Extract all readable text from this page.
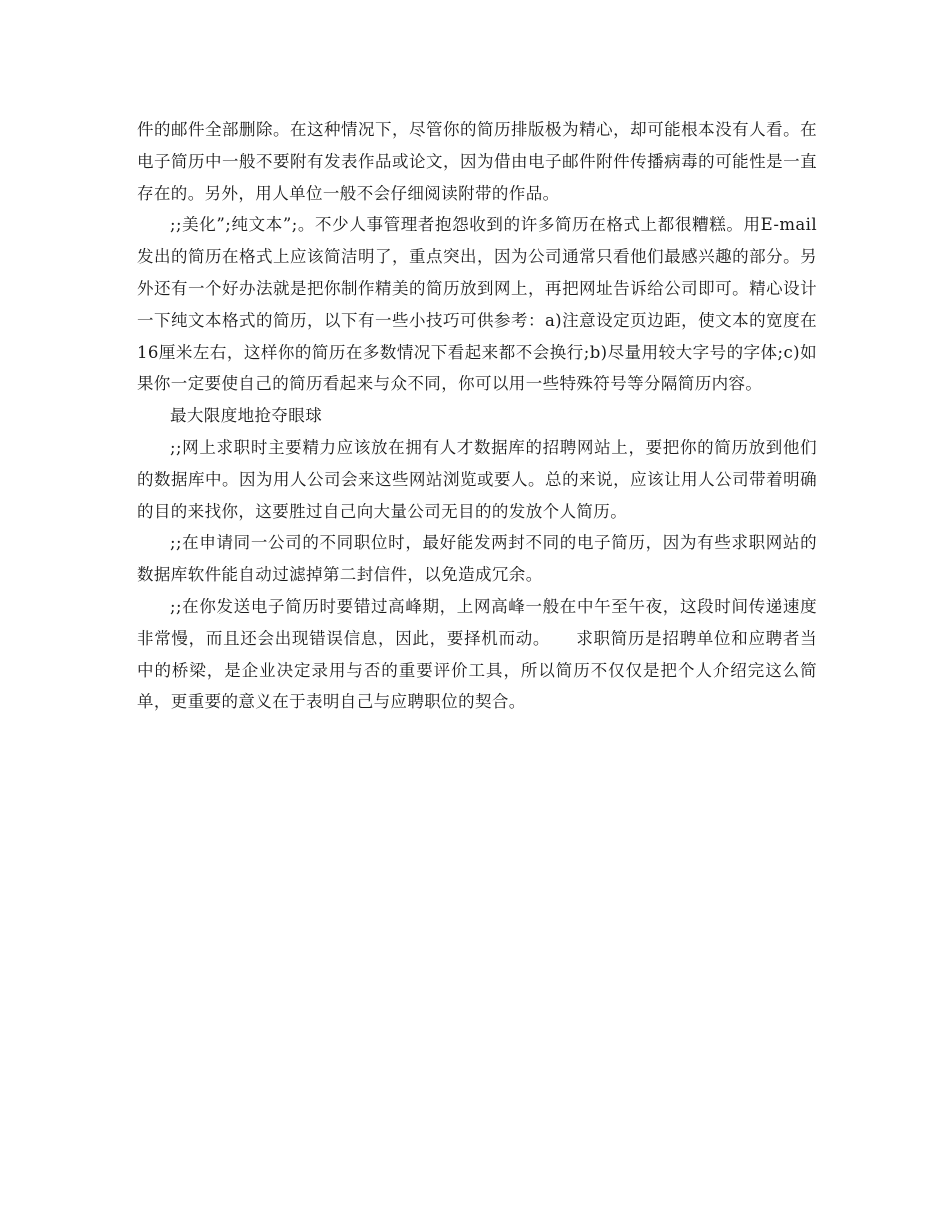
件的邮件全部删除。在这种情况下，尽管你的简历排版极为精心，却可能根本没有人看。在电子简历中一般不要附有发表作品或论文，因为借由电子邮件附件传播病毒的可能性是一直存在的。另外，用人单位一般不会仔细阅读附带的作品。

;;美化”;纯文本”;。不少人事管理者抱怨收到的许多简历在格式上都很糟糕。用E-mail发出的简历在格式上应该简洁明了，重点突出，因为公司通常只看他们最感兴趣的部分。另外还有一个好办法就是把你制作精美的简历放到网上，再把网址告诉给公司即可。精心设计一下纯文本格式的简历，以下有一些小技巧可供参考：a)注意设定页边距，使文本的宽度在16厘米左右，这样你的简历在多数情况下看起来都不会换行;b)尽量用较大字号的字体;c)如果你一定要使自己的简历看起来与众不同，你可以用一些特殊符号等分隔简历内容。

最大限度地抢夺眼球

;;网上求职时主要精力应该放在拥有人才数据库的招聘网站上，要把你的简历放到他们的数据库中。因为用人公司会来这些网站浏览或要人。总的来说，应该让用人公司带着明确的目的来找你，这要胜过自己向大量公司无目的的发放个人简历。

;;在申请同一公司的不同职位时，最好能发两封不同的电子简历，因为有些求职网站的数据库软件能自动过滤掉第二封信件，以免造成冗余。

;;在你发送电子简历时要错过高峰期，上网高峰一般在中午至午夜，这段时间传递速度非常慢，而且还会出现错误信息，因此，要择机而动。　　求职简历是招聘单位和应聘者当中的桥梁，是企业决定录用与否的重要评价工具，所以简历不仅仅是把个人介绍完这么简单，更重要的意义在于表明自己与应聘职位的契合。
